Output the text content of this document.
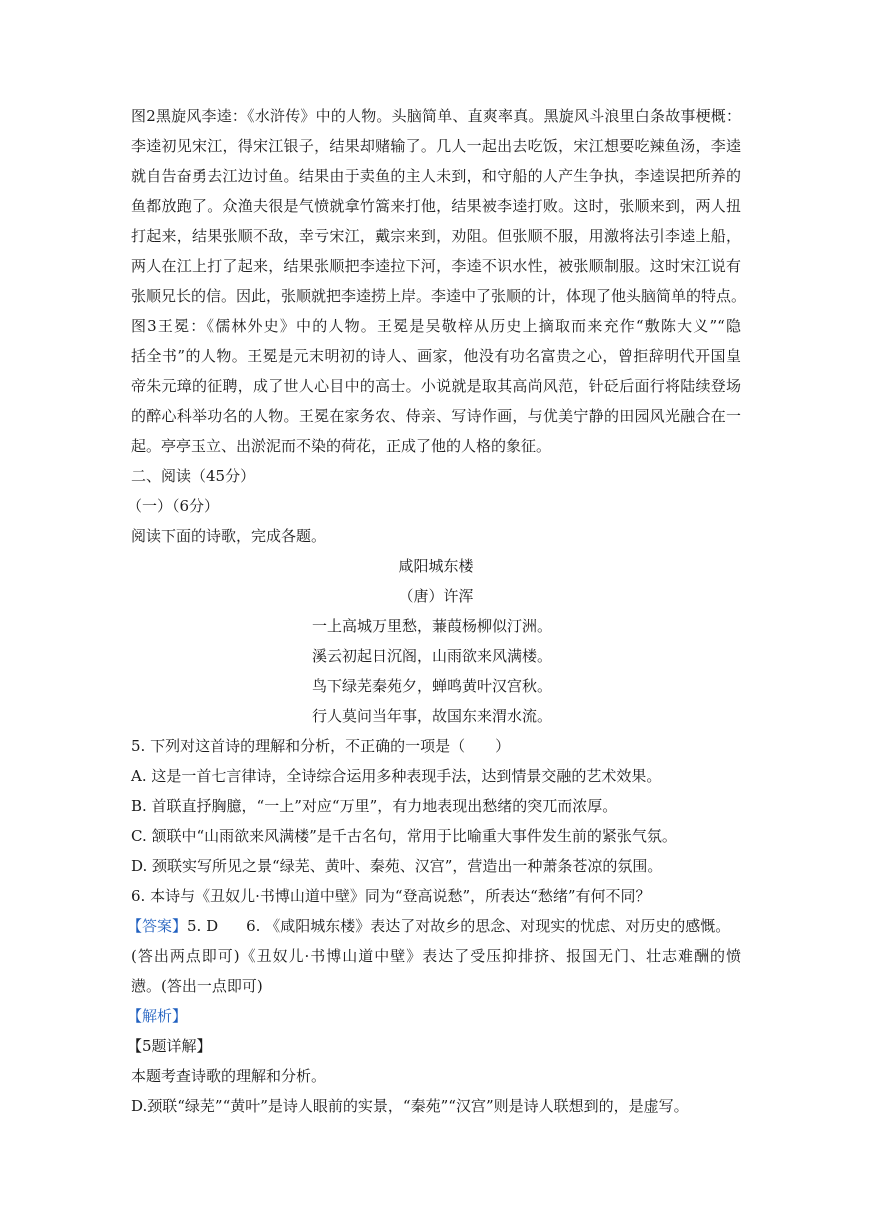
图2黑旋风李逵：《水浒传》中的人物。头脑简单、直爽率真。黑旋风斗浪里白条故事梗概：
李逵初见宋江，得宋江银子，结果却赌输了。几人一起出去吃饭，宋江想要吃辣鱼汤，李逵
就自告奋勇去江边讨鱼。结果由于卖鱼的主人未到，和守船的人产生争执，李逵误把所养的
鱼都放跑了。众渔夫很是气愤就拿竹篙来打他，结果被李逵打败。这时，张顺来到，两人扭
打起来，结果张顺不敌，幸亏宋江，戴宗来到，劝阻。但张顺不服，用激将法引李逵上船，
两人在江上打了起来，结果张顺把李逵拉下河，李逵不识水性，被张顺制服。这时宋江说有
张顺兄长的信。因此，张顺就把李逵捞上岸。李逵中了张顺的计，体现了他头脑简单的特点。
图3王冕：《儒林外史》中的人物。王冕是吴敬梓从历史上摘取而来充作“敷陈大义”“隐
括全书”的人物。王冕是元末明初的诗人、画家，他没有功名富贵之心，曾拒辞明代开国皇
帝朱元璋的征聘，成了世人心目中的高士。小说就是取其高尚风范，针砭后面行将陆续登场
的醉心科举功名的人物。王冕在家务农、侍亲、写诗作画，与优美宁静的田园风光融合在一
起。亭亭玉立、出淤泥而不染的荷花，正成了他的人格的象征。
二、阅读（45分）
（一）（6分）
阅读下面的诗歌，完成各题。
咸阳城东楼
（唐）许浑
一上高城万里愁，蒹葭杨柳似汀洲。
溪云初起日沉阁，山雨欲来风满楼。
鸟下绿芜秦苑夕，蝉鸣黄叶汉宫秋。
行人莫问当年事，故国东来渭水流。
5. 下列对这首诗的理解和分析，不正确的一项是（　　）
A. 这是一首七言律诗，全诗综合运用多种表现手法，达到情景交融的艺术效果。
B. 首联直抒胸臆，“一上”对应“万里”，有力地表现出愁绪的突兀而浓厚。
C. 颔联中“山雨欲来风满楼”是千古名句，常用于比喻重大事件发生前的紧张气氛。
D. 颈联实写所见之景“绿芜、黄叶、秦苑、汉宫”，营造出一种萧条苍凉的氛围。
6. 本诗与《丑奴儿·书博山道中壁》同为“登高说愁”，所表达“愁绪”有何不同？
【答案】5. D 6. 《咸阳城东楼》表达了对故乡的思念、对现实的忧虑、对历史的感慨。
(答出两点即可)《丑奴儿·书博山道中壁》表达了受压抑排挤、报国无门、壮志难酬的愤
懑。(答出一点即可)
【解析】
【5题详解】
本题考查诗歌的理解和分析。
D.颈联“绿芜”“黄叶”是诗人眼前的实景，“秦苑”“汉宫”则是诗人联想到的，是虚写。
